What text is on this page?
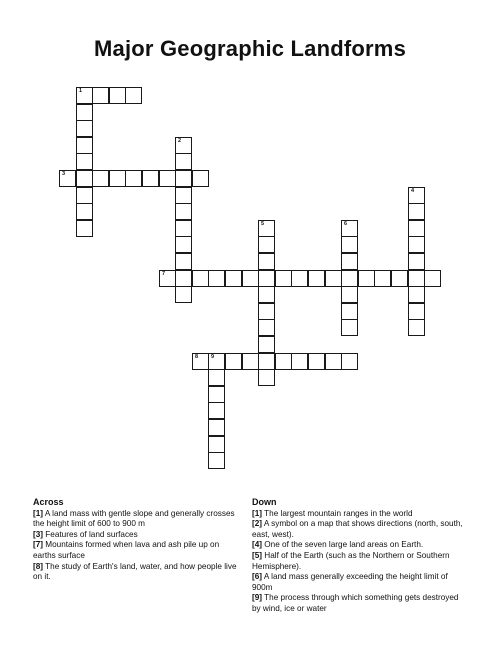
Major Geographic Landforms
1
2
3
4
5	6
7
8 9
Across

[1] A land mass with gentle slope and generally crosses the height limit of 600 to 900 m

[3] Features of land surfaces

[7] Mountains formed when lava and ash pile up on earths surface

[8] The study of Earth's land, water, and how people live on it.

Down

[1] The largest mountain ranges in the world

[2] A symbol on a map that shows directions (north, south, east, west).

[4] One of the seven large land areas on Earth.

[5] Half of the Earth (such as the Northern or Southern Hemisphere).

[6] A land mass generally exceeding the height limit of 900m

[9] The process through which something gets destroyed by wind, ice or water
